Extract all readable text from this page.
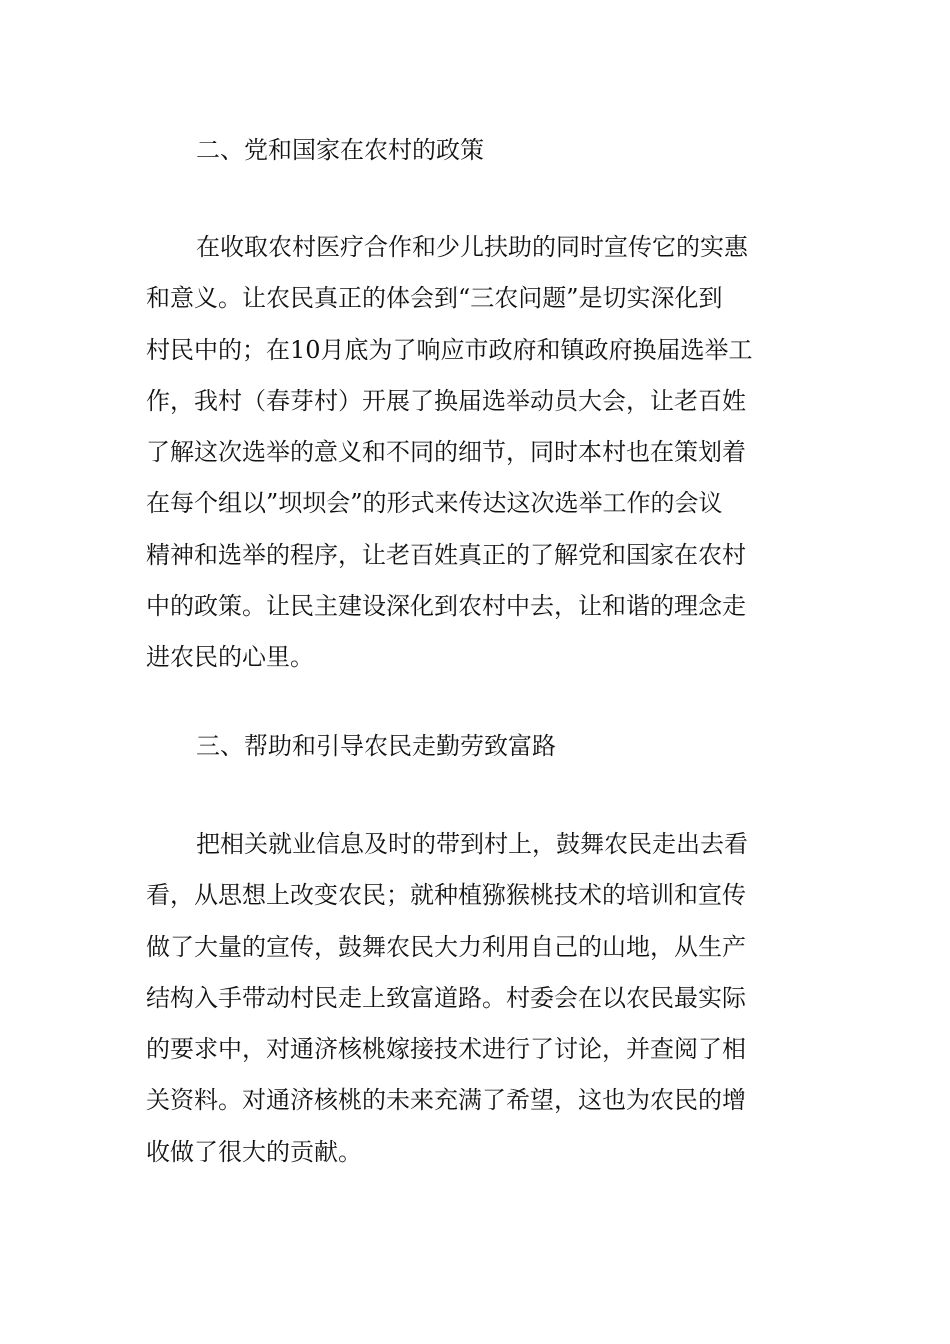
二、党和国家在农村的政策
在收取农村医疗合作和少儿扶助的同时宣传它的实惠
和意义。让农民真正的体会到“三农问题”是切实深化到
村民中的；在10月底为了响应市政府和镇政府换届选举工
作，我村（春芽村）开展了换届选举动员大会，让老百姓
了解这次选举的意义和不同的细节，同时本村也在策划着
在每个组以”坝坝会”的形式来传达这次选举工作的会议
精神和选举的程序，让老百姓真正的了解党和国家在农村
中的政策。让民主建设深化到农村中去，让和谐的理念走
进农民的心里。
三、帮助和引导农民走勤劳致富路
把相关就业信息及时的带到村上，鼓舞农民走出去看
看，从思想上改变农民；就种植猕猴桃技术的培训和宣传
做了大量的宣传，鼓舞农民大力利用自己的山地，从生产
结构入手带动村民走上致富道路。村委会在以农民最实际
的要求中，对通济核桃嫁接技术进行了讨论，并查阅了相
关资料。对通济核桃的未来充满了希望，这也为农民的增
收做了很大的贡献。
